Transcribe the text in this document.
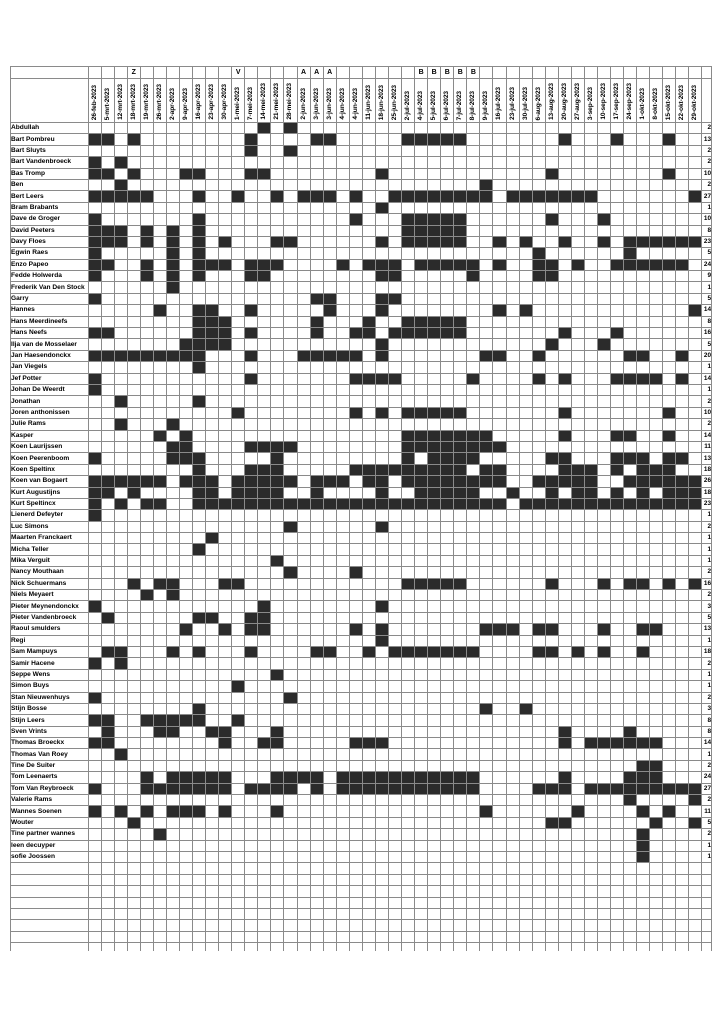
				Z								V					A	A	A							B	B	B	B	B																		

	26-feb-2023	5-mrt-2023	12-mrt-2023	18-mrt-2023	19-mrt-2023	26-mrt-2023	2-apr-2023	9-apr-2023	16-apr-2023	23-apr-2023	30-apr-2023	1-mei-2023	7-mei-2023	14-mei-2023	21-mei-2023	28-mei-2023	2-jun-2023	3-jun-2023	3-jun-2023	4-jun-2023	4-jun-2023	11-jun-2023	18-jun-2023	25-jun-2023	2-jul-2023	4-jul-2023	5-jul-2023	6-jul-2023	7-jul-2023	8-jul-2023	9-jul-2023	16-jul-2023	23-jul-2023	30-jul-2023	6-aug-2023	13-aug-2023	20-aug-2023	27-aug-2023	3-sep-2023	10-sep-2023	17-sep-2023	24-sep-2023	1-okt-2023	8-okt-2023	15-okt-2023	22-okt-2023	29-okt-2023	

Abdullah																																																2
Bart Pombreu																																																13
Bart Sluyts																																																2
Bart Vandenbroeck																																																2
Bas Tromp																																																10
Ben																																																2
Bert Leers																																																27
Bram Brabants																																																1
Dave de Groger																																																10
David Peeters																																																8
Davy Floes																																																23
Egwin Raes																																																5
Enzo Papeo																																																24
Fedde Holwerda																																																9
Frederik Van Den Stock																																																1
Garry																																																5
Hannes																																																14
Hans Meerdineefs																																																8
Hans Neefs																																																16
Ilja van de Mosselaer																																																5
Jan Haesendonckx																																																20
Jan Viegels																																																1
Jef Potter																																																14
Johan De Weerdt																																																1
Jonathan																																																2
Joren anthonissen																																																10
Julie Rams																																																2
Kasper																																																14
Koen Laurijssen																																																11
Koen Peerenboom																																																13
Koen Speltinx																																																18
Koen van Bogaert																																																26
Kurt Augustijns																																																18
Kurt Speltincx																																																23
Lienerd Defeyter																																																1
Luc Simons																																																2
Maarten Franckaert																																																1
Micha Teller																																																1
Mika Verguit																																																1
Nancy Mouthaan																																																2
Nick Schuermans																																																16
Niels Meyaert																																																2
Pieter Meynendonckx																																																3
Pieter Vandenbroeck																																																5
Raoul smulders																																																13
Regi																																																1
Sam Mampuys																																																18
Samir Hacene																																																2
Seppe Wens																																																1
Simon Buys																																																1
Stan Nieuwenhuys																																																2
Stijn Bosse																																																3
Stijn Leers																																																8
Sven Vrints																																																8
Thomas Broeckx																																																14
Thomas Van Roey																																																1
Tine De Suiter																																																2
Tom Leenaerts																																																24
Tom Van Reybroeck																																																27
Valerie Rams																																																2
Wannes Soenen																																																11
Wouter																																																5
Tine partner wannes																																																2
leen decuyper																																																1
sofie Joossen																																																1
